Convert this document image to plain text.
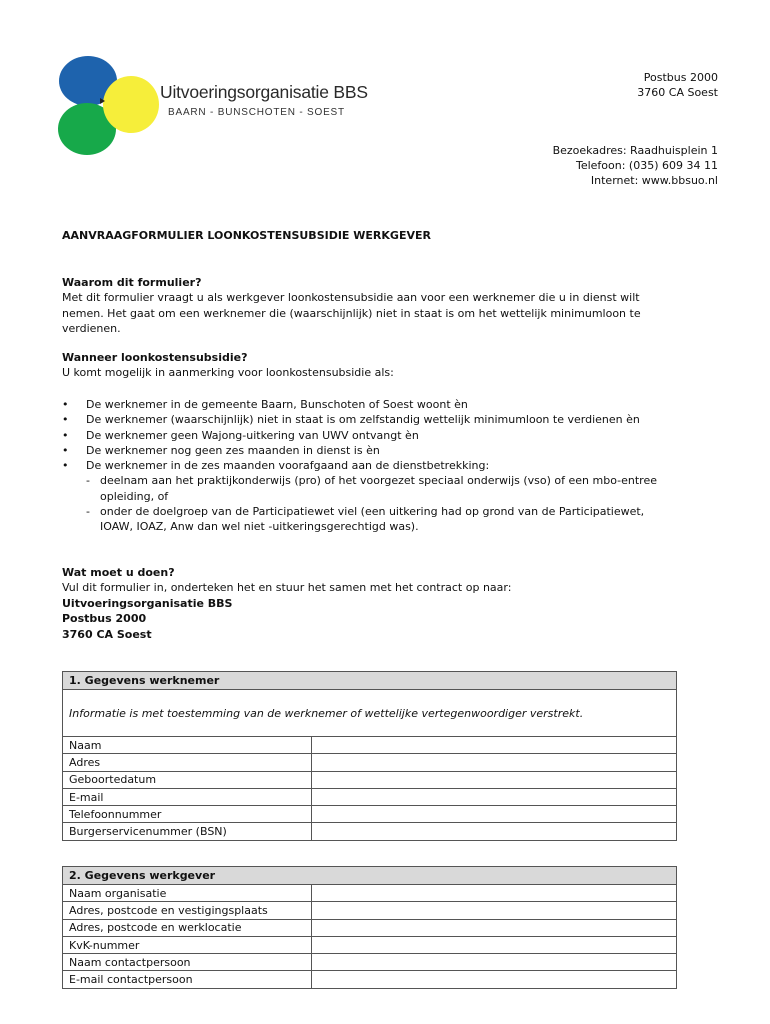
Uitvoeringsorganisatie BBS
BAARN - BUNSCHOTEN - SOEST

Postbus 2000

3760 CA Soest

Bezoekadres: Raadhuisplein 1

Telefoon: (035) 609 34 11

Internet: www.bbsuo.nl

AANVRAAGFORMULIER LOONKOSTENSUBSIDIE WERKGEVER

Waarom dit formulier?

Met dit formulier vraagt u als werkgever loonkostensubsidie aan voor een werknemer die u in dienst wilt

nemen. Het gaat om een werknemer die (waarschijnlijk) niet in staat is om het wettelijk minimumloon te

verdienen.

Wanneer loonkostensubsidie?

U komt mogelijk in aanmerking voor loonkostensubsidie als:

• De werknemer in de gemeente Baarn, Bunschoten of Soest woont èn
• De werknemer (waarschijnlijk) niet in staat is om zelfstandig wettelijk minimumloon te verdienen èn
• De werknemer geen Wajong-uitkering van UWV ontvangt èn
• De werknemer nog geen zes maanden in dienst is èn
• De werknemer in de zes maanden voorafgaand aan de dienstbetrekking:
- deelnam aan het praktijkonderwijs (pro) of het voorgezet speciaal onderwijs (vso) of een mbo-entree
opleiding, of
- onder de doelgroep van de Participatiewet viel (een uitkering had op grond van de Participatiewet,
IOAW, IOAZ, Anw dan wel niet -uitkeringsgerechtigd was).

Wat moet u doen?

Vul dit formulier in, onderteken het en stuur het samen met het contract op naar:

Uitvoeringsorganisatie BBS

Postbus 2000

3760 CA Soest

1. Gegevens werknemer	
Informatie is met toestemming van de werknemer of wettelijke vertegenwoordiger verstrekt.	
Naam	
Adres	
Geboortedatum	
E-mail	
Telefoonnummer	
Burgerservicenummer (BSN)	
2. Gegevens werkgever	
Naam organisatie	
Adres, postcode en vestigingsplaats	
Adres, postcode en werklocatie	
KvK-nummer	
Naam contactpersoon	
E-mail contactpersoon	
